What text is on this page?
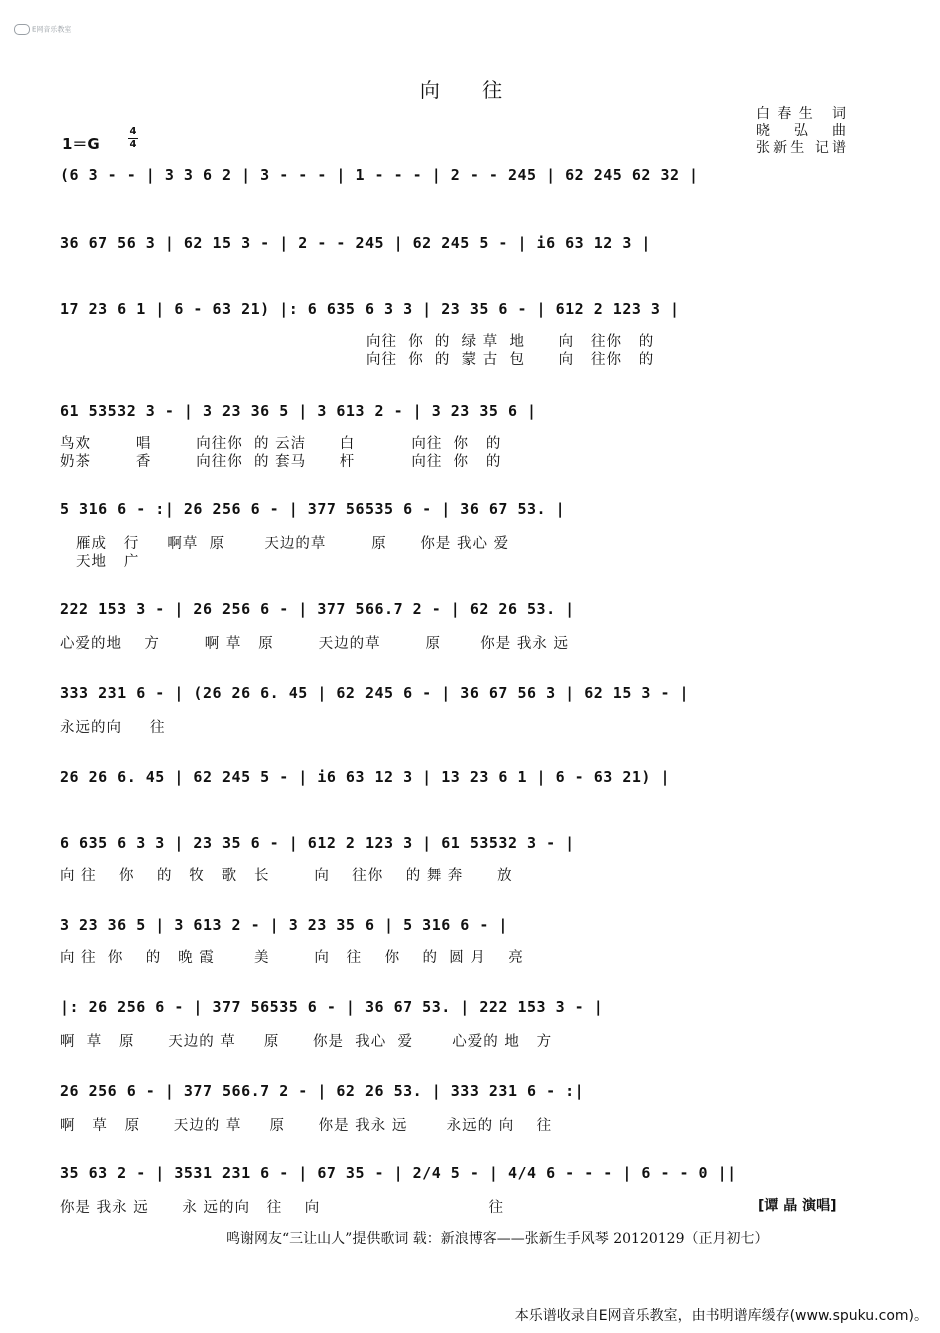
E网音乐教室
向 往
白春生 词
晓 弘 曲
张新生 记谱
1＝G
4
4
(6 3 - - | 3 3 6 2 | 3 - - - | 1 - - - | 2 - - 245 | 62 245 62 32 |
36 67 56 3 | 62 15 3 - | 2 - - 245 | 62 245 5 - | i6 63 12 3 |
17 23 6 1 | 6 - 63 21) |: 6 635 6 3 3 | 23 35 6 - | 612 2 123 3 |
向往  你  的  绿 草  地      向   往你   的
向往  你  的  蒙 古  包      向   往你   的
61 53532 3 - | 3 23 36 5 | 3 613 2 - | 3 23 35 6 |
鸟欢        唱        向往你  的 云洁      白          向往  你   的
奶茶        香        向往你  的 套马      杆          向往  你   的
5 316 6 - :| 26 256 6 - | 377 56535 6 - | 36 67 53. |
雁成   行     啊草  原       天边的草        原      你是 我心 爱
天地   广
222 153 3 - | 26 256 6 - | 377 566.7 2 - | 62 26 53. |
心爱的地    方        啊 草   原        天边的草        原       你是 我永 远
333 231 6 - | (26 26 6. 45 | 62 245 6 - | 36 67 56 3 | 62 15 3 - |
永远的向     往
26 26 6. 45 | 62 245 5 - | i6 63 12 3 | 13 23 6 1 | 6 - 63 21) |
6 635 6 3 3 | 23 35 6 - | 612 2 123 3 | 61 53532 3 - |
向 往    你    的   牧   歌   长        向    往你    的 舞 奔      放
3 23 36 5 | 3 613 2 - | 3 23 35 6 | 5 316 6 - |
向 往  你    的   晚 霞       美        向   往    你    的  圆 月    亮
|: 26 256 6 - | 377 56535 6 - | 36 67 53. | 222 153 3 - |
啊  草   原      天边的 草     原      你是  我心  爱       心爱的 地   方
26 256 6 - | 377 566.7 2 - | 62 26 53. | 333 231 6 - :|
啊   草   原      天边的 草     原      你是 我永 远       永远的 向    往
35 63 2 - | 3531 231 6 - | 67 35 - | 2/4 5 - | 4/4 6 - - - | 6 - - 0 ||
你是 我永 远      永 远的向   往    向                              往	[谭 晶 演唱]
鸣谢网友“三让山人”提供歌词 载：新浪博客——张新生手风琴 20120129（正月初七）
本乐谱收录自E网音乐教室，由书明谱库缓存(www.spuku.com)。
